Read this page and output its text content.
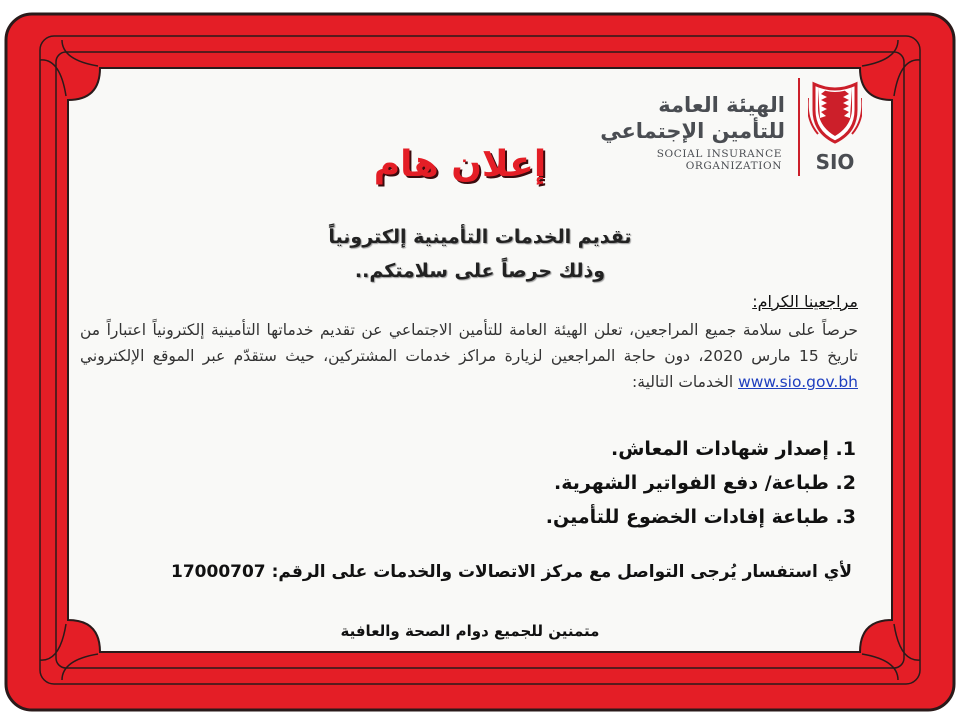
الهيئة العامة

للتأمين الإجتماعي

SOCIAL INSURANCE

ORGANIZATION	SIO

إعلان هام

تقديم الخدمات التأمينية إلكترونياً

وذلك حرصاً على سلامتكم..

مراجعينا الكرام:

حرصاً على سلامة جميع المراجعين، تعلن الهيئة العامة للتأمين الاجتماعي عن تقديم خدماتها التأمينية إلكترونياً اعتباراً من تاريخ 15 مارس 2020، دون حاجة المراجعين لزيارة مراكز خدمات المشتركين، حيث ستقدّم عبر الموقع الإلكتروني www.sio.gov.bh الخدمات التالية:

1. إصدار شهادات المعاش.

2. طباعة/ دفع الفواتير الشهرية.

3. طباعة إفادات الخضوع للتأمين.

لأي استفسار يُرجى التواصل مع مركز الاتصالات والخدمات على الرقم: 17000707

متمنين للجميع دوام الصحة والعافية
